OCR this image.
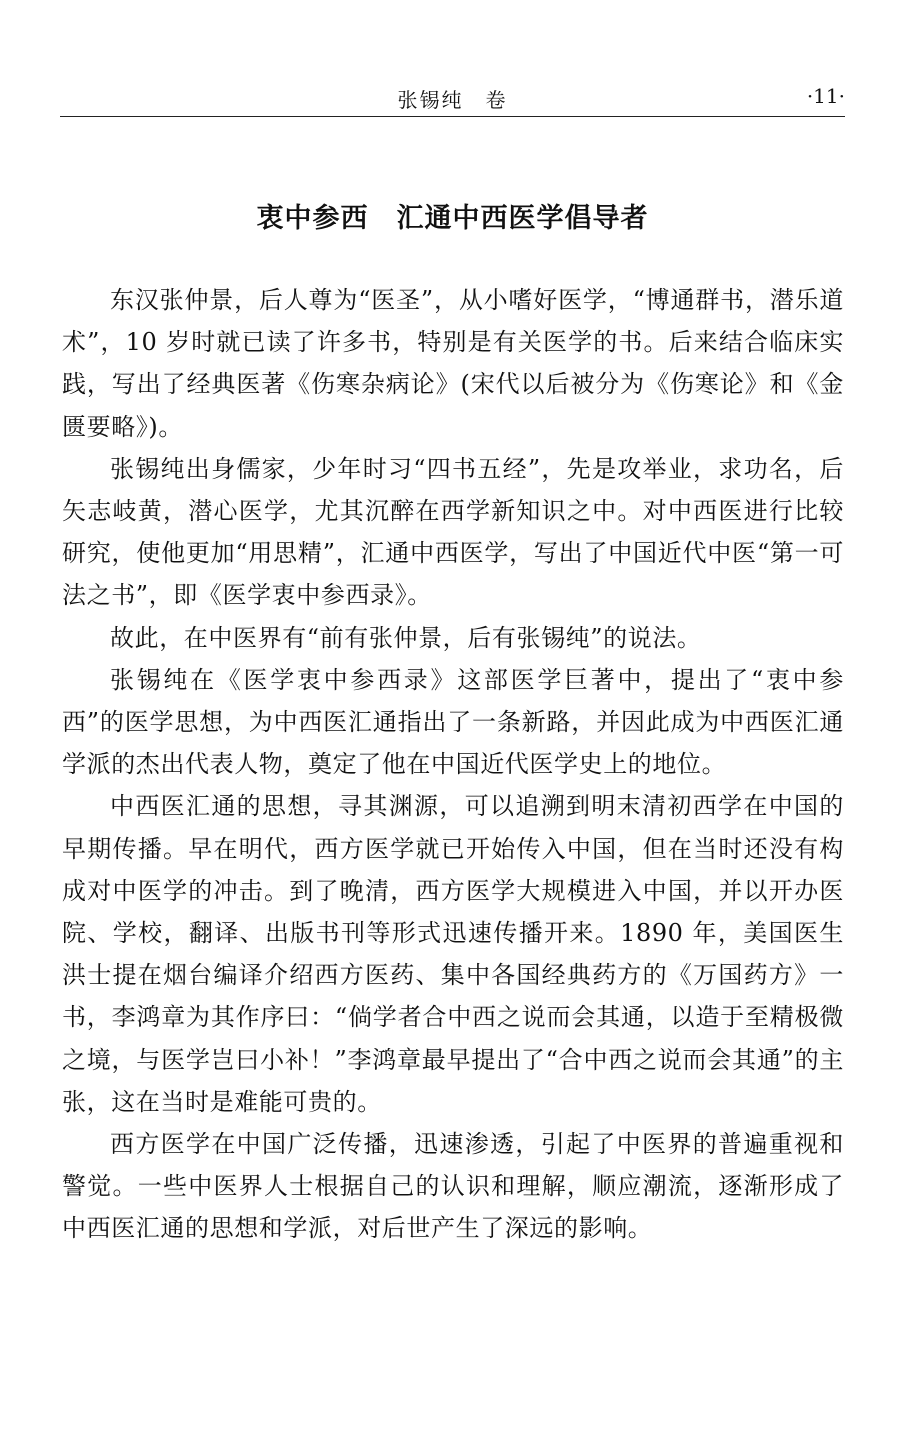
张锡纯　卷	·11·
衷中参西　汇通中西医学倡导者

东汉张仲景，后人尊为“医圣”，从小嗜好医学，“博通群书，潜乐道术”，10 岁时就已读了许多书，特别是有关医学的书。后来结合临床实践，写出了经典医著《伤寒杂病论》(宋代以后被分为《伤寒论》和《金匮要略》)。

张锡纯出身儒家，少年时习“四书五经”，先是攻举业，求功名，后矢志岐黄，潜心医学，尤其沉醉在西学新知识之中。对中西医进行比较研究，使他更加“用思精”，汇通中西医学，写出了中国近代中医“第一可法之书”，即《医学衷中参西录》。

故此，在中医界有“前有张仲景，后有张锡纯”的说法。

张锡纯在《医学衷中参西录》这部医学巨著中，提出了“衷中参西”的医学思想，为中西医汇通指出了一条新路，并因此成为中西医汇通学派的杰出代表人物，奠定了他在中国近代医学史上的地位。

中西医汇通的思想，寻其渊源，可以追溯到明末清初西学在中国的早期传播。早在明代，西方医学就已开始传入中国，但在当时还没有构成对中医学的冲击。到了晚清，西方医学大规模进入中国，并以开办医院、学校，翻译、出版书刊等形式迅速传播开来。1890 年，美国医生洪士提在烟台编译介绍西方医药、集中各国经典药方的《万国药方》一书，李鸿章为其作序曰：“倘学者合中西之说而会其通，以造于至精极微之境，与医学岂曰小补！”李鸿章最早提出了“合中西之说而会其通”的主张，这在当时是难能可贵的。

西方医学在中国广泛传播，迅速渗透，引起了中医界的普遍重视和警觉。一些中医界人士根据自己的认识和理解，顺应潮流，逐渐形成了中西医汇通的思想和学派，对后世产生了深远的影响。
